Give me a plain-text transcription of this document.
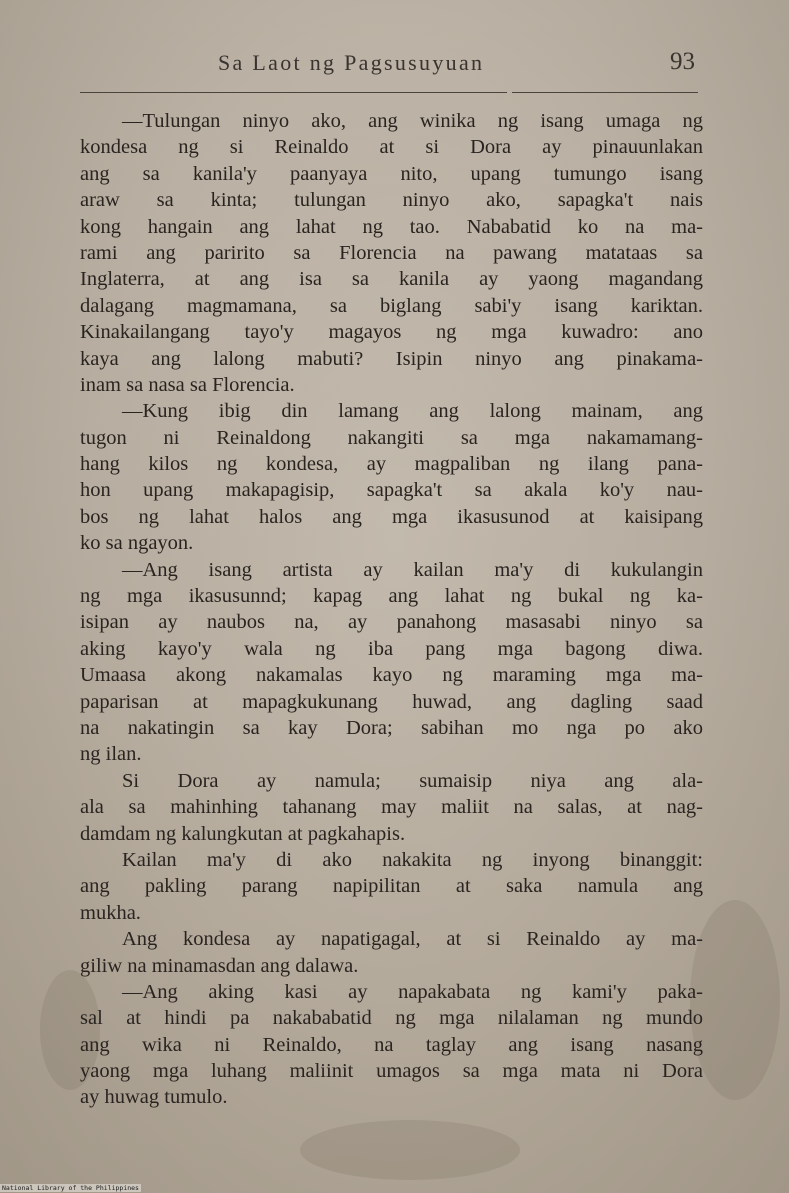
Sa Laot ng Pagsusuyuan	93
—Tulungan ninyo ako, ang winika ng isang umaga ng
kondesa ng si Reinaldo at si Dora ay pinauunlakan
ang sa kanila'y paanyaya nito, upang tumungo isang
araw sa kinta; tulungan ninyo ako, sapagka't nais
kong hangain ang lahat ng tao. Nababatid ko na ma-
rami ang paririto sa Florencia na pawang matataas sa
Inglaterra, at ang isa sa kanila ay yaong magandang
dalagang magmamana, sa biglang sabi'y isang kariktan.
Kinakailangang tayo'y magayos ng mga kuwadro: ano
kaya ang lalong mabuti? Isipin ninyo ang pinakama-
inam sa nasa sa Florencia.
—Kung ibig din lamang ang lalong mainam, ang
tugon ni Reinaldong nakangiti sa mga nakamamang-
hang kilos ng kondesa, ay magpaliban ng ilang pana-
hon upang makapagisip, sapagka't sa akala ko'y nau-
bos ng lahat halos ang mga ikasusunod at kaisipang
ko sa ngayon.
—Ang isang artista ay kailan ma'y di kukulangin
ng mga ikasusunnd; kapag ang lahat ng bukal ng ka-
isipan ay naubos na, ay panahong masasabi ninyo sa
aking kayo'y wala ng iba pang mga bagong diwa.
Umaasa akong nakamalas kayo ng maraming mga ma-
paparisan at mapagkukunang huwad, ang dagling saad
na nakatingin sa kay Dora; sabihan mo nga po ako
ng ilan.
Si Dora ay namula; sumaisip niya ang ala-
ala sa mahinhing tahanang may maliit na salas, at nag-
damdam ng kalungkutan at pagkahapis.
Kailan ma'y di ako nakakita ng inyong binanggit:
ang pakling parang napipilitan at saka namula ang
mukha.
Ang kondesa ay napatigagal, at si Reinaldo ay ma-
giliw na minamasdan ang dalawa.
—Ang aking kasi ay napakabata ng kami'y paka-
sal at hindi pa nakababatid ng mga nilalaman ng mundo
ang wika ni Reinaldo, na taglay ang isang nasang
yaong mga luhang maliinit umagos sa mga mata ni Dora
ay huwag tumulo.
National Library of the Philippines
